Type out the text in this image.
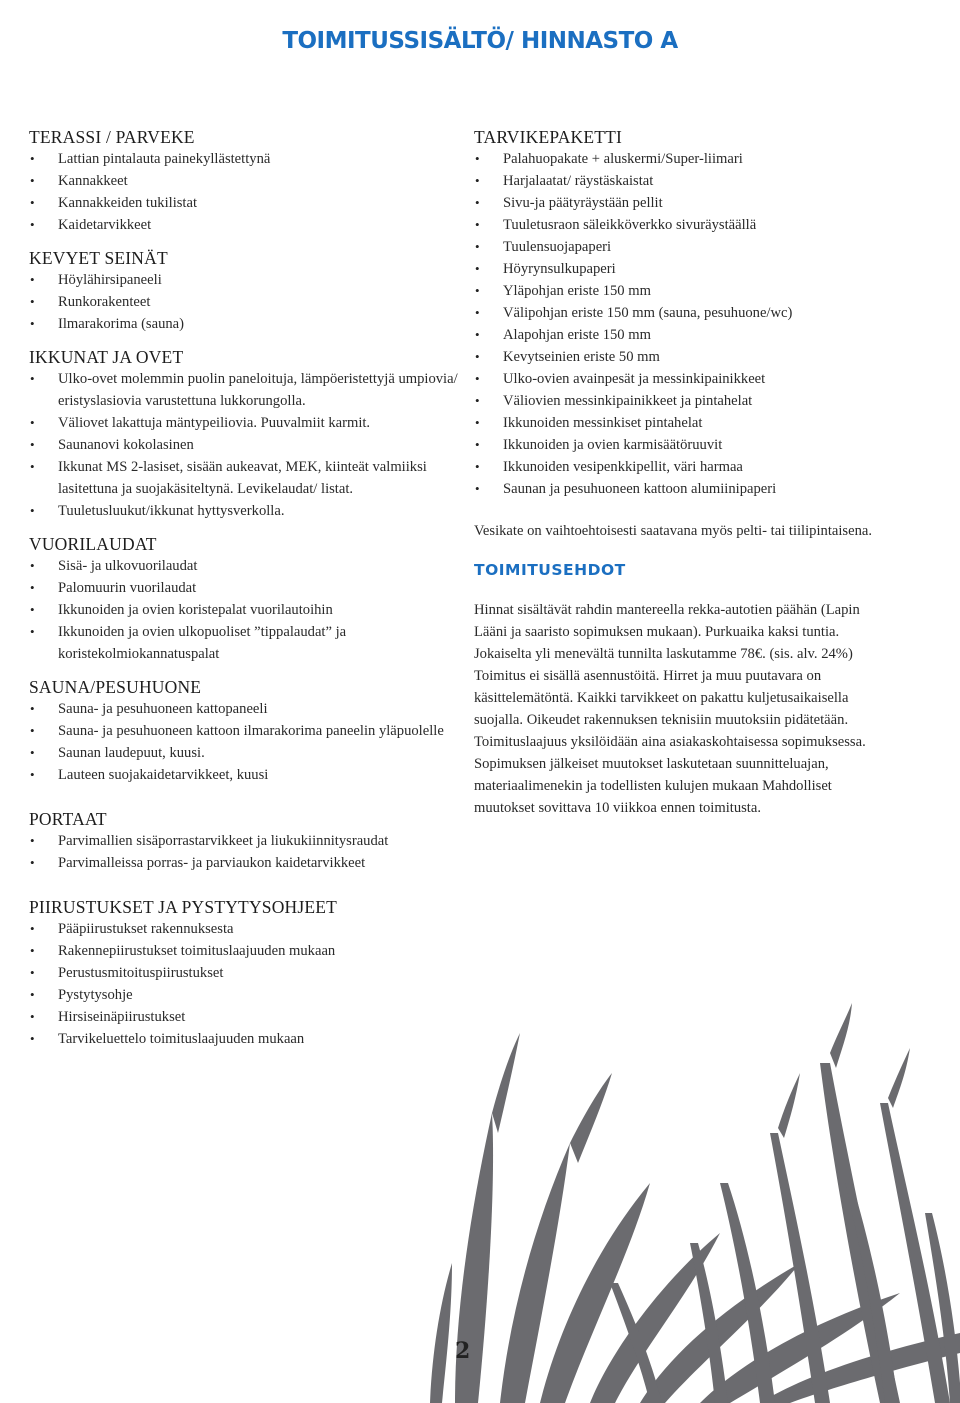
TOIMITUSSISÄLTÖ/ HINNASTO A
TERASSI / PARVEKE
• Lattian pintalauta painekyllästettynä
• Kannakkeet
• Kannakkeiden tukilistat
• Kaidetarvikkeet
KEVYET SEINÄT
• Höylähirsipaneeli
• Runkorakenteet
• Ilmarakorima (sauna)
IKKUNAT JA OVET
• Ulko-ovet molemmin puolin paneloituja, lämpöeristettyjä umpiovia/ eristyslasiovia varustettuna lukkorungolla.
• Väliovet lakattuja mäntypeiliovia. Puuvalmiit karmit.
• Saunanovi kokolasinen
• Ikkunat MS 2-lasiset, sisään aukeavat, MEK, kiinteät valmiiksi lasitettuna ja suojakäsiteltynä. Levikelaudat/ listat.
• Tuuletusluukut/ikkunat hyttysverkolla.
VUORILAUDAT
• Sisä- ja ulkovuorilaudat
• Palomuurin vuorilaudat
• Ikkunoiden ja ovien koristepalat vuorilautoihin
• Ikkunoiden ja ovien ulkopuoliset ”tippalaudat” ja koristekolmiokannatuspalat
SAUNA/PESUHUONE
• Sauna- ja pesuhuoneen kattopaneeli
• Sauna- ja pesuhuoneen kattoon ilmarakorima paneelin yläpuolelle
• Saunan laudepuut, kuusi.
• Lauteen suojakaidetarvikkeet, kuusi
PORTAAT
• Parvimallien sisäporrastarvikkeet ja liukukiinnitysraudat
• Parvimalleissa porras- ja parviaukon kaidetarvikkeet
PIIRUSTUKSET JA PYSTYTYSOHJEET
• Pääpiirustukset rakennuksesta
• Rakennepiirustukset toimituslaajuuden mukaan
• Perustusmitoituspiirustukset
• Pystytysohje
• Hirsiseinäpiirustukset
• Tarvikeluettelo toimituslaajuuden mukaan
TARVIKEPAKETTI
• Palahuopakate + aluskermi/Super-liimari
• Harjalaatat/ räystäskaistat
• Sivu-ja päätyräystään pellit
• Tuuletusraon säleikköverkko sivuräystäällä
• Tuulensuojapaperi
• Höyrynsulkupaperi
• Yläpohjan eriste 150 mm
• Välipohjan eriste 150 mm (sauna, pesuhuone/wc)
• Alapohjan eriste 150 mm
• Kevytseinien eriste 50 mm
• Ulko-ovien avainpesät ja messinkipainikkeet
• Väliovien messinkipainikkeet ja pintahelat
• Ikkunoiden messinkiset pintahelat
• Ikkunoiden ja ovien karmisäätöruuvit
• Ikkunoiden vesipenkkipellit, väri harmaa
• Saunan ja pesuhuoneen kattoon alumiinipaperi

Vesikate on vaihtoehtoisesti saatavana myös pelti- tai tiilipintaisena.

TOIMITUSEHDOT

Hinnat sisältävät rahdin mantereella rekka-autotien päähän (Lapin Lääni ja saaristo sopimuksen mukaan). Purkuaika kaksi tuntia. Jokaiselta yli menevältä tunnilta laskutamme 78€. (sis. alv. 24%) Toimitus ei sisällä asennustöitä. Hirret ja muu puutavara on käsittelemätöntä. Kaikki tarvikkeet on pakattu kuljetusaikaisella suojalla. Oikeudet rakennuksen teknisiin muutoksiin pidätetään. Toimituslaajuus yksilöidään aina asiakaskohtaisessa sopimuksessa. Sopimuksen jälkeiset muutokset laskutetaan suunnitteluajan, materiaalimenekin ja todellisten kulujen mukaan Mahdolliset muutokset sovittava 10 viikkoa ennen toimitusta.

2
